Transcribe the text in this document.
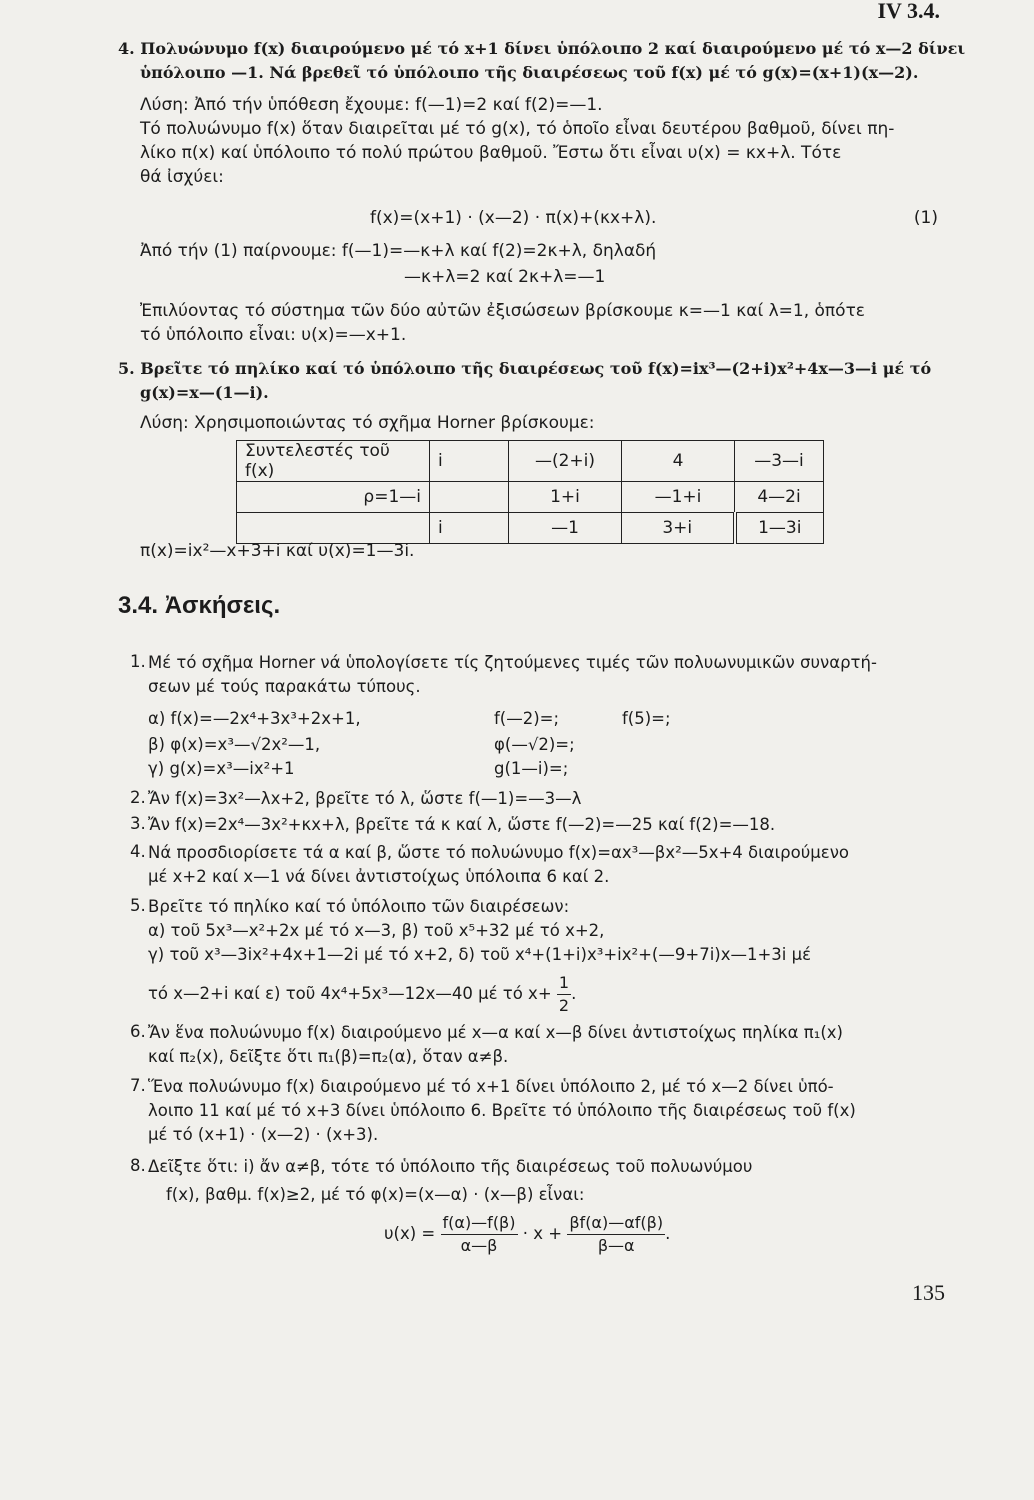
IV 3.4.
4. Πολυώνυμο f(x) διαιρούμενο μέ τό x+1 δίνει ὑπόλοιπο 2 καί διαιρούμενο μέ τό x—2 δίνει
ὑπόλοιπο —1. Νά βρεθεῖ τό ὑπόλοιπο τῆς διαιρέσεως τοῦ f(x) μέ τό g(x)=(x+1)(x—2).
Λύση: Ἀπό τήν ὑπόθεση ἔχουμε: f(—1)=2 καί f(2)=—1.
Τό πολυώνυμο f(x) ὅταν διαιρεῖται μέ τό g(x), τό ὁποῖο εἶναι δευτέρου βαθμοῦ, δίνει πη-
λίκο π(x) καί ὑπόλοιπο τό πολύ πρώτου βαθμοῦ. Ἔστω ὅτι εἶναι υ(x) = κx+λ. Τότε
θά ἰσχύει:
f(x)=(x+1) · (x—2) · π(x)+(κx+λ).	(1)
Ἀπό τήν (1) παίρνουμε: f(—1)=—κ+λ καί f(2)=2κ+λ, δηλαδή
—κ+λ=2 καί 2κ+λ=—1
Ἐπιλύοντας τό σύστημα τῶν δύο αὐτῶν ἐξισώσεων βρίσκουμε κ=—1 καί λ=1, ὁπότε
τό ὑπόλοιπο εἶναι: υ(x)=—x+1.
5. Βρεῖτε τό πηλίκο καί τό ὑπόλοιπο τῆς διαιρέσεως τοῦ f(x)=ix³—(2+i)x²+4x—3—i μέ τό
g(x)=x—(1—i).
Λύση: Χρησιμοποιώντας τό σχῆμα Horner βρίσκουμε:
Συντελεστές τοῦ f(x)	i	—(2+i)	4	—3—i
ρ=1—i		1+i	—1+i	4—2i
	i	—1	3+i	1—3i
π(x)=ix²—x+3+i καί υ(x)=1—3i.
3.4. Ἀσκήσεις.
1. Μέ τό σχῆμα Horner νά ὑπολογίσετε τίς ζητούμενες τιμές τῶν πολυωνυμικῶν συναρτή-
σεων μέ τούς παρακάτω τύπους.
α) f(x)=—2x⁴+3x³+2x+1,	f(—2)=;	f(5)=;
β) φ(x)=x³—√2x²—1,	φ(—√2)=;
γ) g(x)=x³—ix²+1	g(1—i)=;
2. Ἄν f(x)=3x²—λx+2, βρεῖτε τό λ, ὥστε f(—1)=—3—λ
3. Ἄν f(x)=2x⁴—3x²+κx+λ, βρεῖτε τά κ καί λ, ὥστε f(—2)=—25 καί f(2)=—18.
4. Νά προσδιορίσετε τά α καί β, ὥστε τό πολυώνυμο f(x)=αx³—βx²—5x+4 διαιρούμενο
μέ x+2 καί x—1 νά δίνει ἀντιστοίχως ὑπόλοιπα 6 καί 2.
5. Βρεῖτε τό πηλίκο καί τό ὑπόλοιπο τῶν διαιρέσεων:
α) τοῦ 5x³—x²+2x μέ τό x—3, β) τοῦ x⁵+32 μέ τό x+2,
γ) τοῦ x³—3ix²+4x+1—2i μέ τό x+2, δ) τοῦ x⁴+(1+i)x³+ix²+(—9+7i)x—1+3i μέ
τό x—2+i καί ε) τοῦ 4x⁴+5x³—12x—40 μέ τό $x+ \frac{1}{2}$ .
6. Ἄν ἕνα πολυώνυμο f(x) διαιρούμενο μέ x—α καί x—β δίνει ἀντιστοίχως πηλίκα π₁(x)
καί π₂(x), δεῖξτε ὅτι π₁(β)=π₂(α), ὅταν α≠β.
7. Ἕνα πολυώνυμο f(x) διαιρούμενο μέ τό x+1 δίνει ὑπόλοιπο 2, μέ τό x—2 δίνει ὑπό-
λοιπο 11 καί μέ τό x+3 δίνει ὑπόλοιπο 6. Βρεῖτε τό ὑπόλοιπο τῆς διαιρέσεως τοῦ f(x)
μέ τό (x+1) · (x—2) · (x+3).
8. Δεῖξτε ὅτι: i) ἄν α≠β, τότε τό ὑπόλοιπο τῆς διαιρέσεως τοῦ πολυωνύμου
f(x), βαθμ. f(x)≥2, μέ τό φ(x)=(x—α) · (x—β) εἶναι:
$\upsilon(x) = \frac{f(\alpha)—f(\beta)}{\alpha—\beta} \cdot x + \frac{\beta f(\alpha)—\alpha f(\beta)}{\beta—\alpha}$ .
135
